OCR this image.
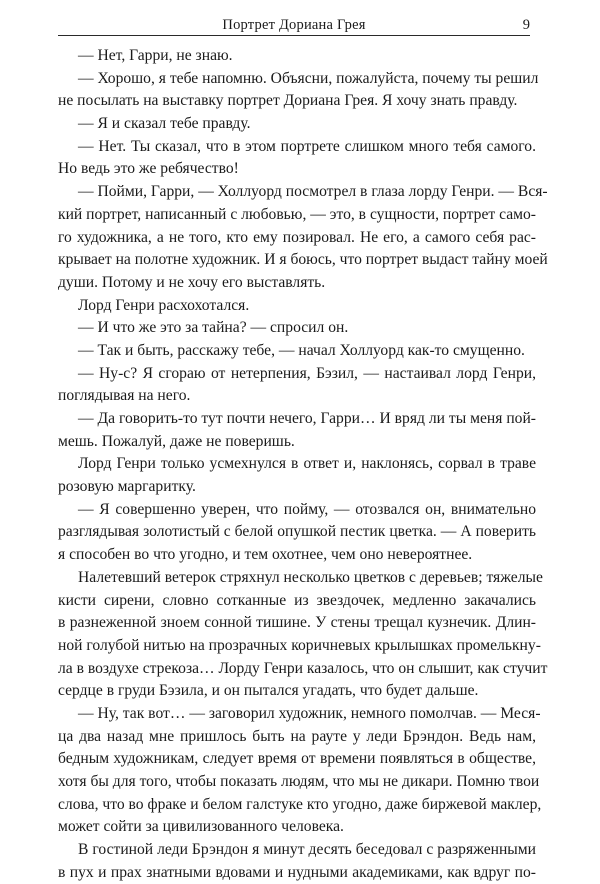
Портрет Дориана Грея	9
— Нет, Гарри, не знаю.
— Хорошо, я тебе напомню. Объясни, пожалуйста, почему ты решил
не посылать на выставку портрет Дориана Грея. Я хочу знать правду.
— Я и сказал тебе правду.
— Нет. Ты сказал, что в этом портрете слишком много тебя самого.
Но ведь это же ребячество!
— Пойми, Гарри, — Холлуорд посмотрел в глаза лорду Генри. — Вся-
кий портрет, написанный с любовью, — это, в сущности, портрет само-
го художника, а не того, кто ему позировал. Не его, а самого себя рас-
крывает на полотне художник. И я боюсь, что портрет выдаст тайну моей
души. Потому и не хочу его выставлять.
Лорд Генри расхохотался.
— И что же это за тайна? — спросил он.
— Так и быть, расскажу тебе, — начал Холлуорд как-то смущенно.
— Ну-с? Я сгораю от нетерпения, Бэзил, — настаивал лорд Генри,
поглядывая на него.
— Да говорить-то тут почти нечего, Гарри… И вряд ли ты меня пой-
мешь. Пожалуй, даже не поверишь.
Лорд Генри только усмехнулся в ответ и, наклонясь, сорвал в траве
розовую маргаритку.
— Я совершенно уверен, что пойму, — отозвался он, внимательно
разглядывая золотистый с белой опушкой пестик цветка. — А поверить
я способен во что угодно, и тем охотнее, чем оно невероятнее.
Налетевший ветерок стряхнул несколько цветков с деревьев; тяжелые
кисти сирени, словно сотканные из звездочек, медленно закачались
в разнеженной зноем сонной тишине. У стены трещал кузнечик. Длин-
ной голубой нитью на прозрачных коричневых крылышках промелькну-
ла в воздухе стрекоза… Лорду Генри казалось, что он слышит, как стучит
сердце в груди Бэзила, и он пытался угадать, что будет дальше.
— Ну, так вот… — заговорил художник, немного помолчав. — Меся-
ца два назад мне пришлось быть на рауте у леди Брэндон. Ведь нам,
бедным художникам, следует время от времени появляться в обществе,
хотя бы для того, чтобы показать людям, что мы не дикари. Помню твои
слова, что во фраке и белом галстуке кто угодно, даже биржевой маклер,
может сойти за цивилизованного человека.
В гостиной леди Брэндон я минут десять беседовал с разряженными
в пух и прах знатными вдовами и нудными академиками, как вдруг по-
